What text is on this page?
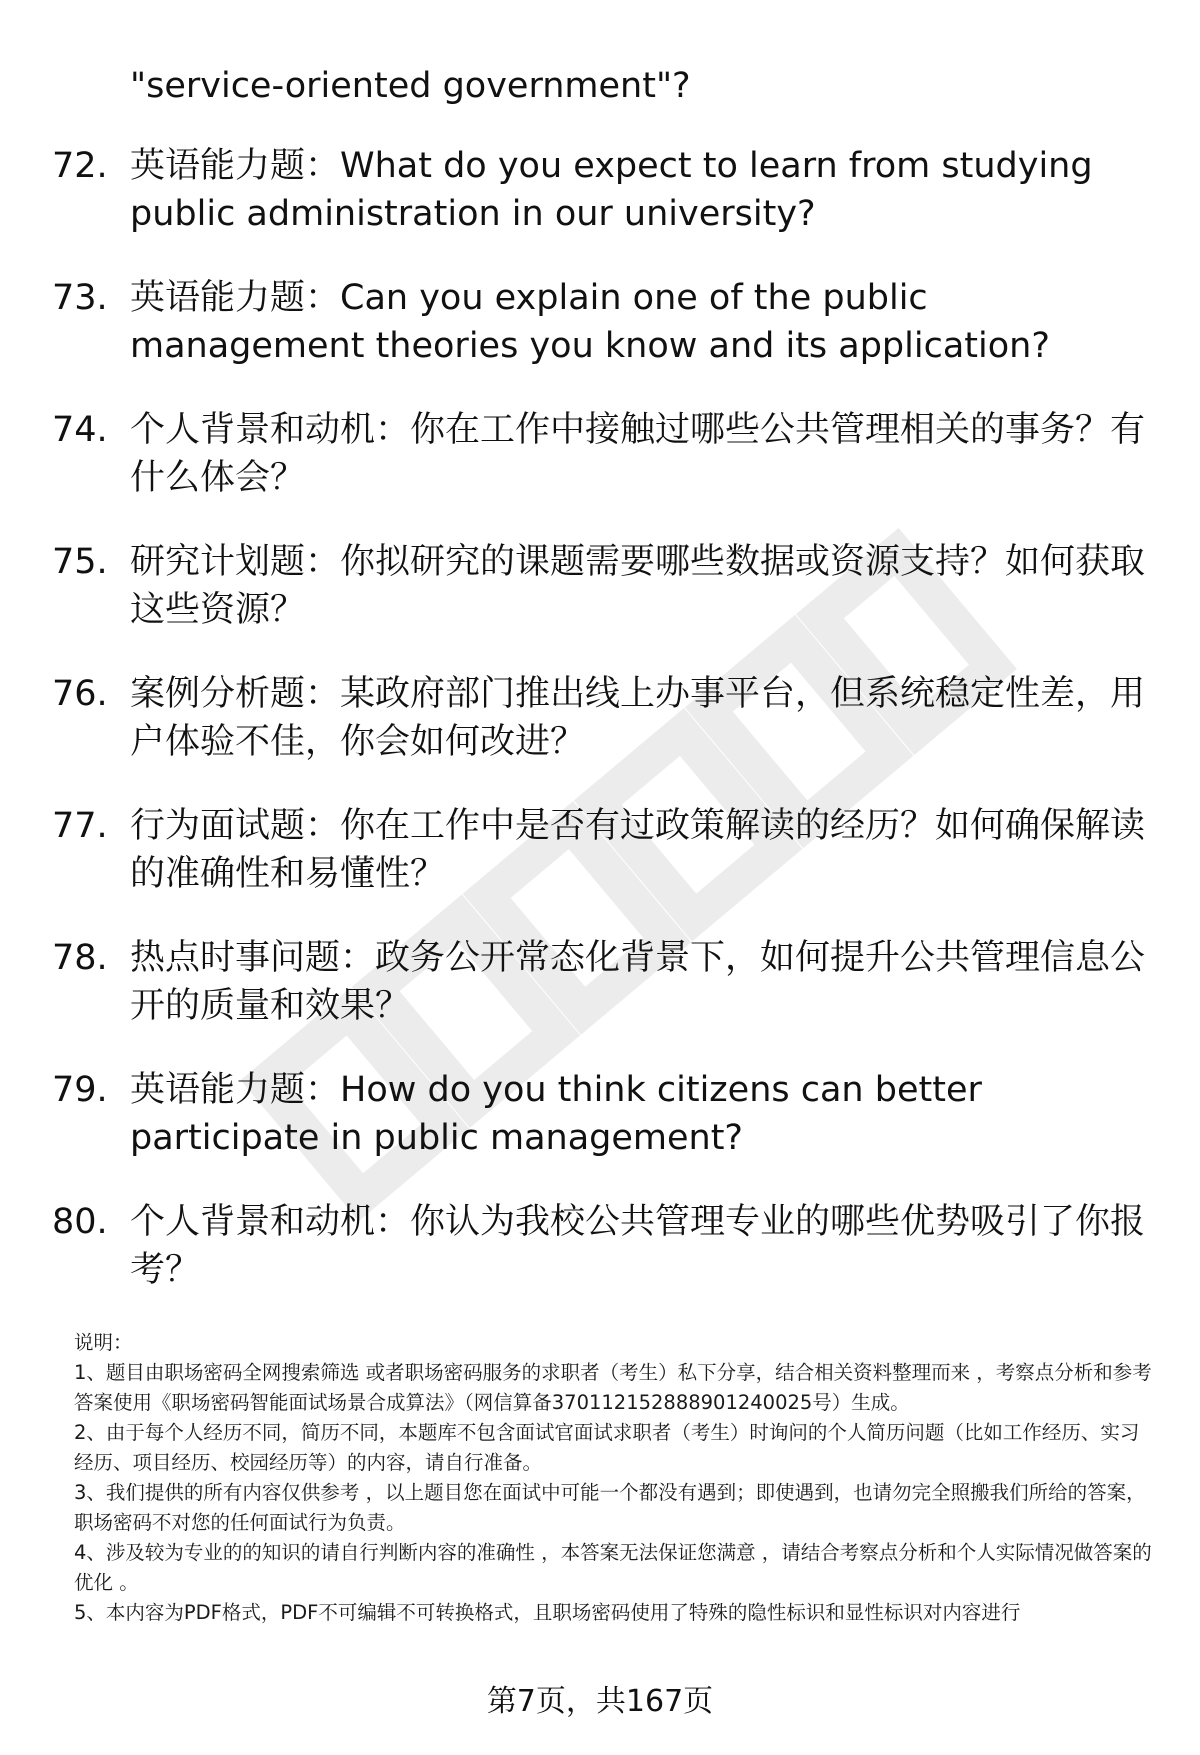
"service-oriented government"?

72. 英语能力题：What do you expect to learn from studying public administration in our university?
73. 英语能力题：Can you explain one of the public management theories you know and its application?
74. 个人背景和动机：你在工作中接触过哪些公共管理相关的事务？有什么体会？
75. 研究计划题：你拟研究的课题需要哪些数据或资源支持？如何获取这些资源？
76. 案例分析题：某政府部门推出线上办事平台，但系统稳定性差，用户体验不佳，你会如何改进？
77. 行为面试题：你在工作中是否有过政策解读的经历？如何确保解读的准确性和易懂性？
78. 热点时事问题：政务公开常态化背景下，如何提升公共管理信息公开的质量和效果？
79. 英语能力题：How do you think citizens can better participate in public management?
80. 个人背景和动机：你认为我校公共管理专业的哪些优势吸引了你报考？

说明：

1、题目由职场密码全网搜索筛选 或者职场密码服务的求职者（考生）私下分享，结合相关资料整理而来 ，考察点分析和参考答案使用《职场密码智能面试场景合成算法》（网信算备370112152888901240025号）生成。

2、由于每个人经历不同，简历不同，本题库不包含面试官面试求职者（考生）时询问的个人简历问题（比如工作经历、实习经历、项目经历、校园经历等）的内容，请自行准备。

3、我们提供的所有内容仅供参考 ，以上题目您在面试中可能一个都没有遇到；即使遇到，也请勿完全照搬我们所给的答案，职场密码不对您的任何面试行为负责。

4、涉及较为专业的的知识的请自行判断内容的准确性 ，本答案无法保证您满意 ，请结合考察点分析和个人实际情况做答案的优化 。

5、本内容为PDF格式，PDF不可编辑不可转换格式，且职场密码使用了特殊的隐性标识和显性标识对内容进行

第7页，共167页
